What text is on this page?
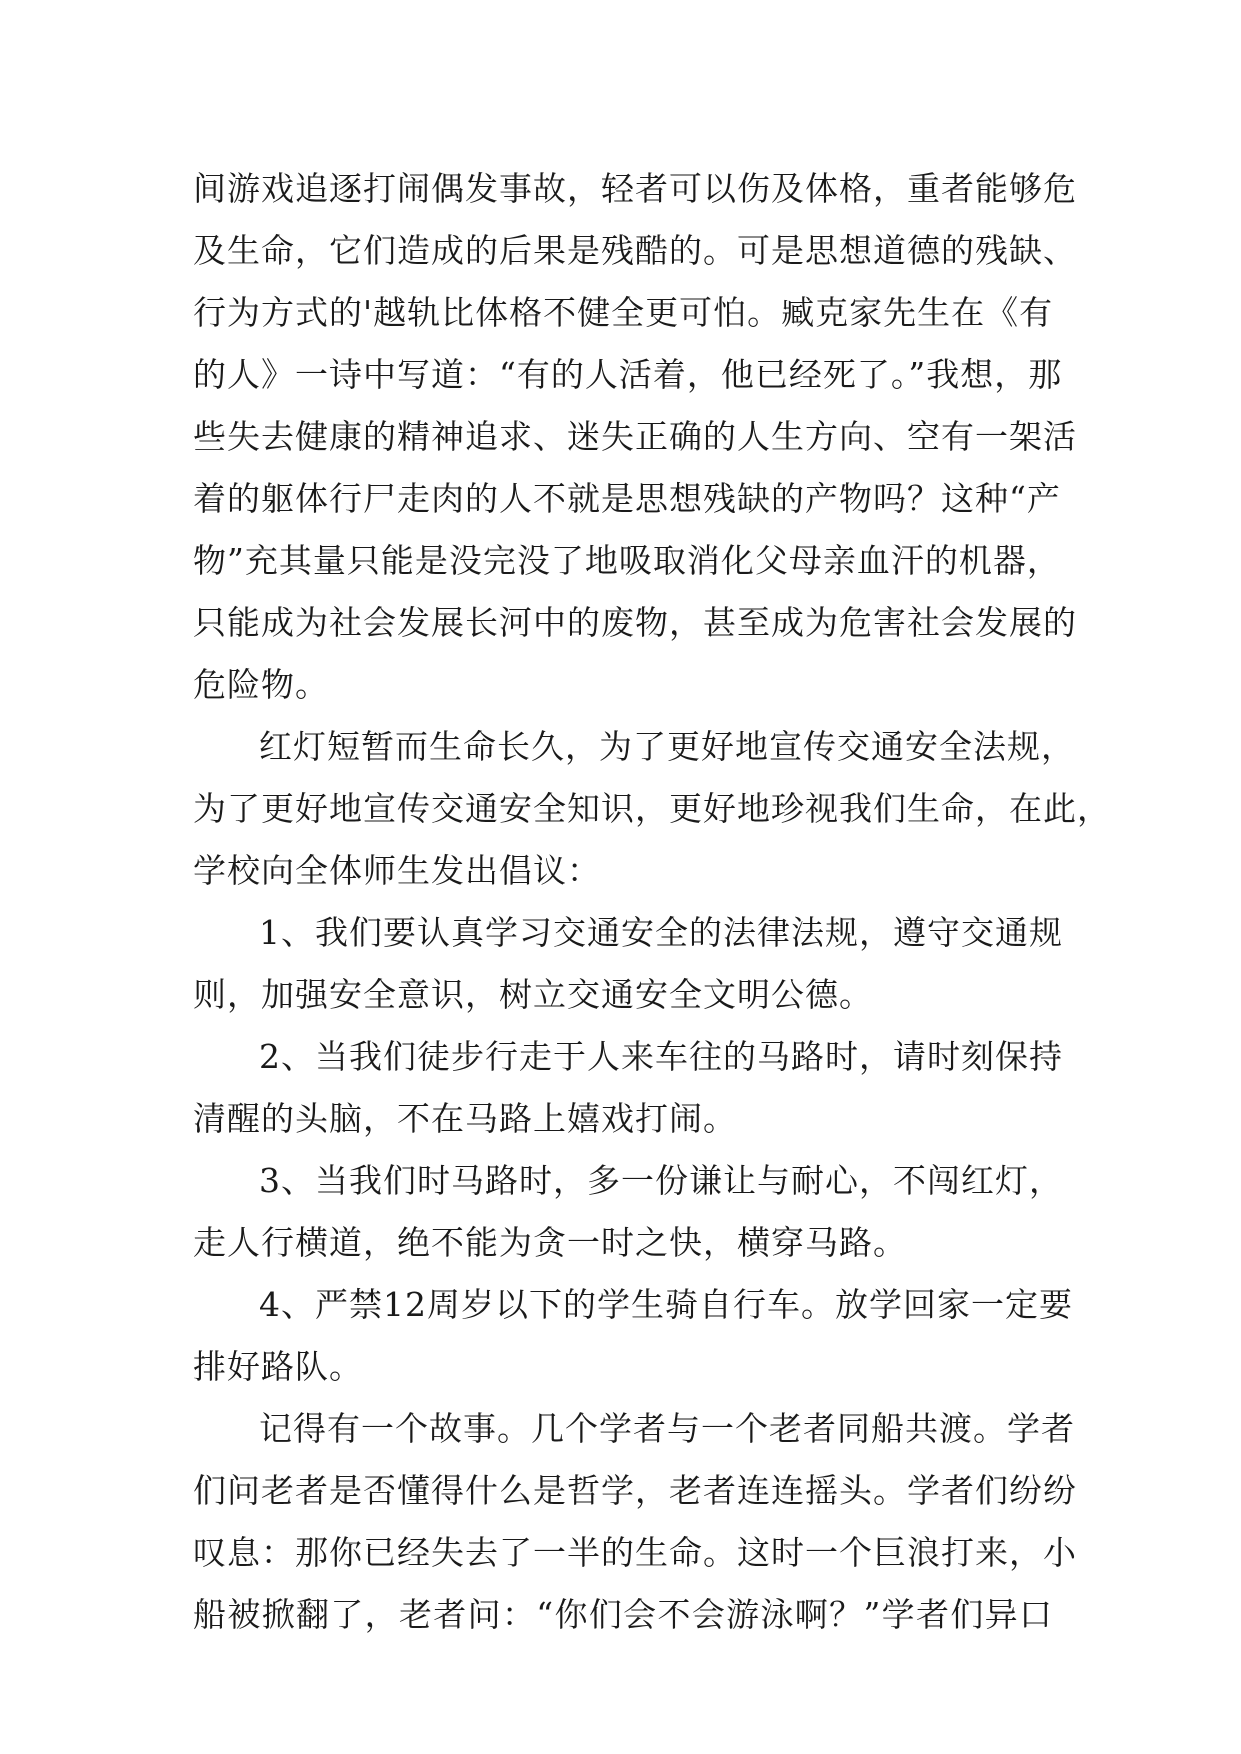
间游戏追逐打闹偶发事故，轻者可以伤及体格，重者能够危
及生命，它们造成的后果是残酷的。可是思想道德的残缺、
行为方式的'越轨比体格不健全更可怕。臧克家先生在《有
的人》一诗中写道：“有的人活着，他已经死了。”我想，那
些失去健康的精神追求、迷失正确的人生方向、空有一架活
着的躯体行尸走肉的人不就是思想残缺的产物吗？这种“产
物”充其量只能是没完没了地吸取消化父母亲血汗的机器，
只能成为社会发展长河中的废物，甚至成为危害社会发展的
危险物。
红灯短暂而生命长久，为了更好地宣传交通安全法规，
为了更好地宣传交通安全知识，更好地珍视我们生命，在此，
学校向全体师生发出倡议：
1、我们要认真学习交通安全的法律法规，遵守交通规
则，加强安全意识，树立交通安全文明公德。
2、当我们徒步行走于人来车往的马路时，请时刻保持
清醒的头脑，不在马路上嬉戏打闹。
3、当我们时马路时，多一份谦让与耐心，不闯红灯，
走人行横道，绝不能为贪一时之快，横穿马路。
4、严禁12周岁以下的学生骑自行车。放学回家一定要
排好路队。
记得有一个故事。几个学者与一个老者同船共渡。学者
们问老者是否懂得什么是哲学，老者连连摇头。学者们纷纷
叹息：那你已经失去了一半的生命。这时一个巨浪打来，小
船被掀翻了，老者问：“你们会不会游泳啊？”学者们异口
